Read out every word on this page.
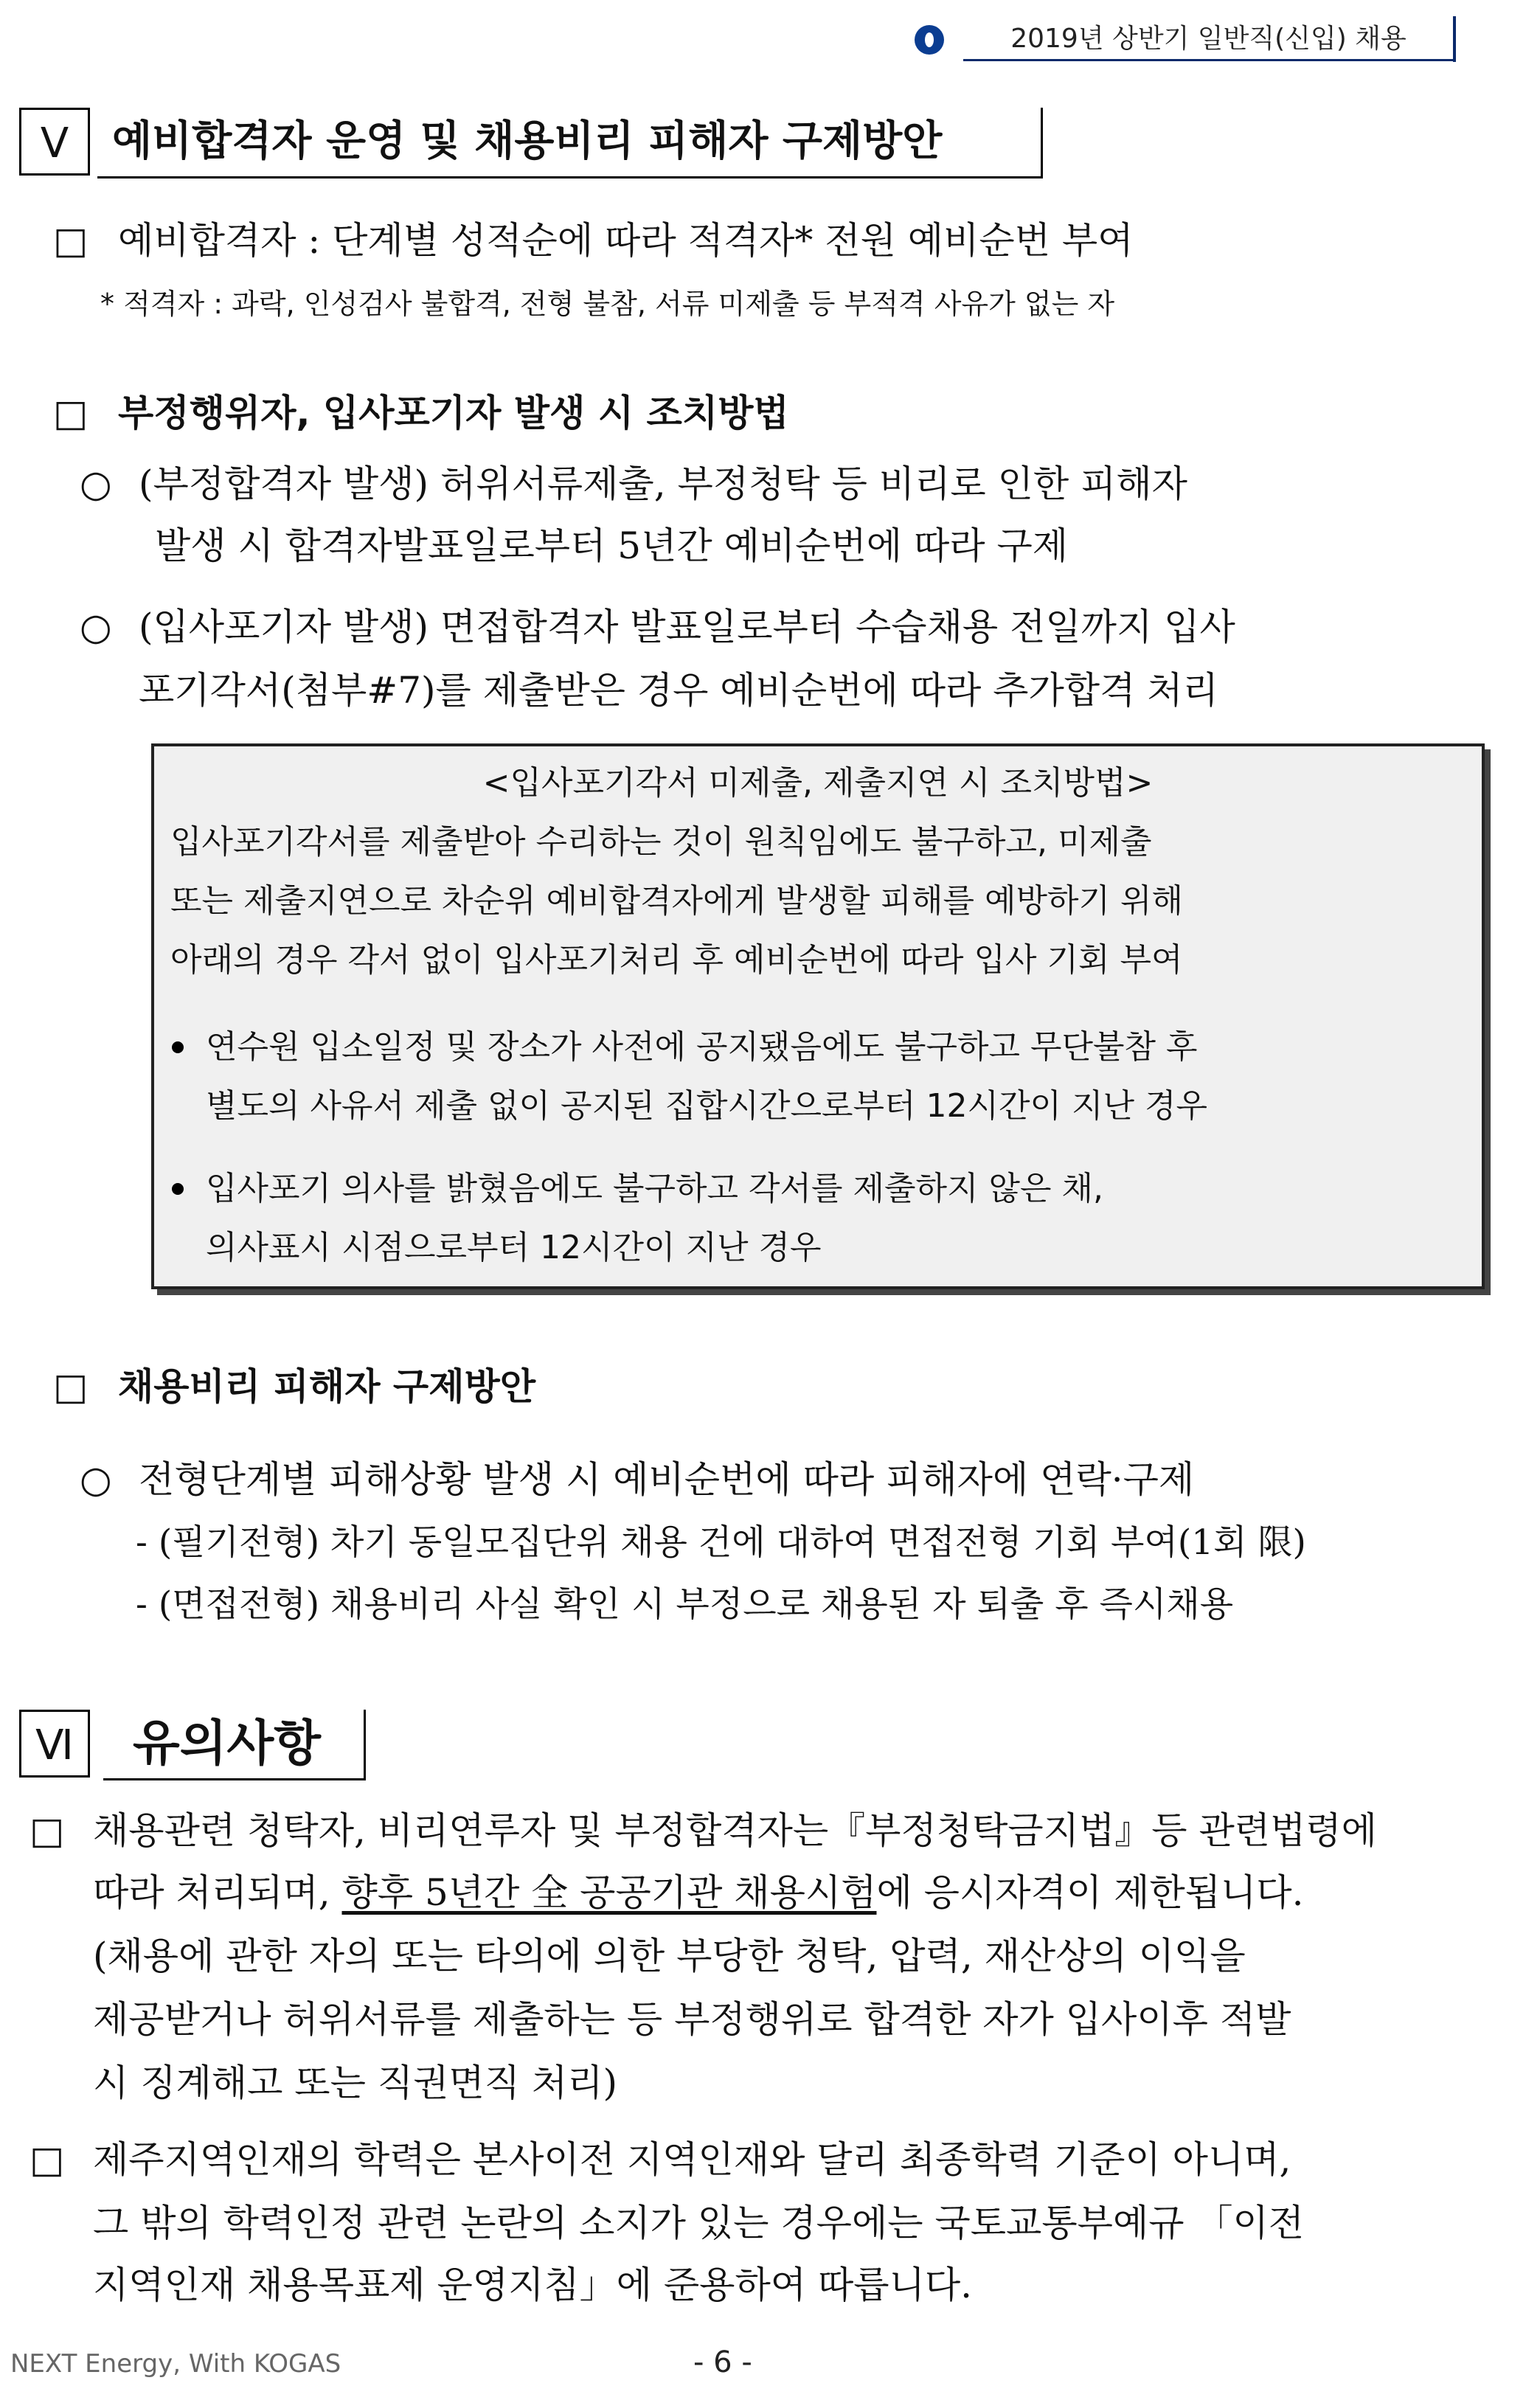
2019년 상반기 일반직(신입) 채용
Ⅴ	예비합격자 운영 및 채용비리 피해자 구제방안
□ 예비합격자 : 단계별 성적순에 따라 적격자* 전원 예비순번 부여
* 적격자 : 과락, 인성검사 불합격, 전형 불참, 서류 미제출 등 부적격 사유가 없는 자
□ 부정행위자, 입사포기자 발생 시 조치방법
○ (부정합격자 발생) 허위서류제출, 부정청탁 등 비리로 인한 피해자
발생 시 합격자발표일로부터 5년간 예비순번에 따라 구제
○ (입사포기자 발생) 면접합격자 발표일로부터 수습채용 전일까지 입사
포기각서(첨부#7)를 제출받은 경우 예비순번에 따라 추가합격 처리
<입사포기각서 미제출, 제출지연 시 조치방법>
입사포기각서를 제출받아 수리하는 것이 원칙임에도 불구하고, 미제출
또는 제출지연으로 차순위 예비합격자에게 발생할 피해를 예방하기 위해
아래의 경우 각서 없이 입사포기처리 후 예비순번에 따라 입사 기회 부여
연수원 입소일정 및 장소가 사전에 공지됐음에도 불구하고 무단불참 후
별도의 사유서 제출 없이 공지된 집합시간으로부터 12시간이 지난 경우
입사포기 의사를 밝혔음에도 불구하고 각서를 제출하지 않은 채,
의사표시 시점으로부터 12시간이 지난 경우
□ 채용비리 피해자 구제방안
○ 전형단계별 피해상황 발생 시 예비순번에 따라 피해자에 연락·구제
- (필기전형) 차기 동일모집단위 채용 건에 대하여 면접전형 기회 부여(1회 限)
- (면접전형) 채용비리 사실 확인 시 부정으로 채용된 자 퇴출 후 즉시채용
Ⅵ	유의사항
□ 채용관련 청탁자, 비리연루자 및 부정합격자는『부정청탁금지법』등 관련법령에
따라 처리되며, 향후 5년간 全 공공기관 채용시험에 응시자격이 제한됩니다.
(채용에 관한 자의 또는 타의에 의한 부당한 청탁, 압력, 재산상의 이익을
제공받거나 허위서류를 제출하는 등 부정행위로 합격한 자가 입사이후 적발
시 징계해고 또는 직권면직 처리)
□ 제주지역인재의 학력은 본사이전 지역인재와 달리 최종학력 기준이 아니며,
그 밖의 학력인정 관련 논란의 소지가 있는 경우에는 국토교통부예규 「이전
지역인재 채용목표제 운영지침」에 준용하여 따릅니다.
NEXT Energy, With KOGAS	- 6 -
